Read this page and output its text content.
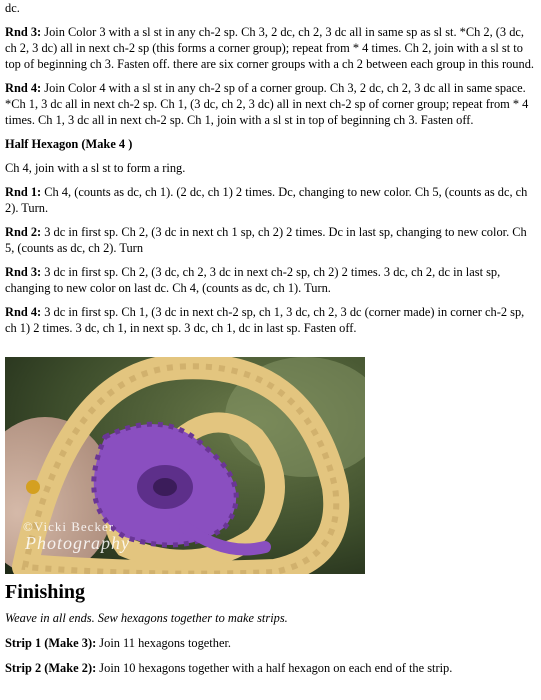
dc.

Rnd 3: Join Color 3 with a sl st in any ch-2 sp. Ch 3, 2 dc, ch 2, 3 dc all in same sp as sl st. *Ch 2, (3 dc, ch 2, 3 dc) all in next ch-2 sp (this forms a corner group); repeat from * 4 times. Ch 2, join with a sl st to top of beginning ch 3. Fasten off. there are six corner groups with a ch 2 between each group in this round.

Rnd 4: Join Color 4 with a sl st in any ch-2 sp of a corner group. Ch 3, 2 dc, ch 2, 3 dc all in same space. *Ch 1, 3 dc all in next ch-2 sp. Ch 1, (3 dc, ch 2, 3 dc) all in next ch-2 sp of corner group; repeat from * 4 times. Ch 1, 3 dc all in next ch-2 sp. Ch 1, join with a sl st in top of beginning ch 3. Fasten off.

Half Hexagon (Make 4 )

Ch 4, join with a sl st to form a ring.

Rnd 1: Ch 4, (counts as dc, ch 1). (2 dc, ch 1) 2 times. Dc, changing to new color. Ch 5, (counts as dc, ch 2). Turn.

Rnd 2: 3 dc in first sp. Ch 2, (3 dc in next ch 1 sp, ch 2) 2 times. Dc in last sp, changing to new color. Ch 5, (counts as dc, ch 2). Turn

Rnd 3: 3 dc in first sp. Ch 2, (3 dc, ch 2, 3 dc in next ch-2 sp, ch 2) 2 times. 3 dc, ch 2, dc in last sp, changing to new color on last dc. Ch 4, (counts as dc, ch 1). Turn.

Rnd 4: 3 dc in first sp. Ch 1, (3 dc in next ch-2 sp, ch 1, 3 dc, ch 2, 3 dc (corner made) in corner ch-2 sp, ch 1) 2 times. 3 dc, ch 1, in next sp. 3 dc, ch 1, dc in last sp. Fasten off.

©Vicki Becker
Photography
Finishing

Weave in all ends. Sew hexagons together to make strips.

Strip 1 (Make 3): Join 11 hexagons together.

Strip 2 (Make 2): Join 10 hexagons together with a half hexagon on each end of the strip.
